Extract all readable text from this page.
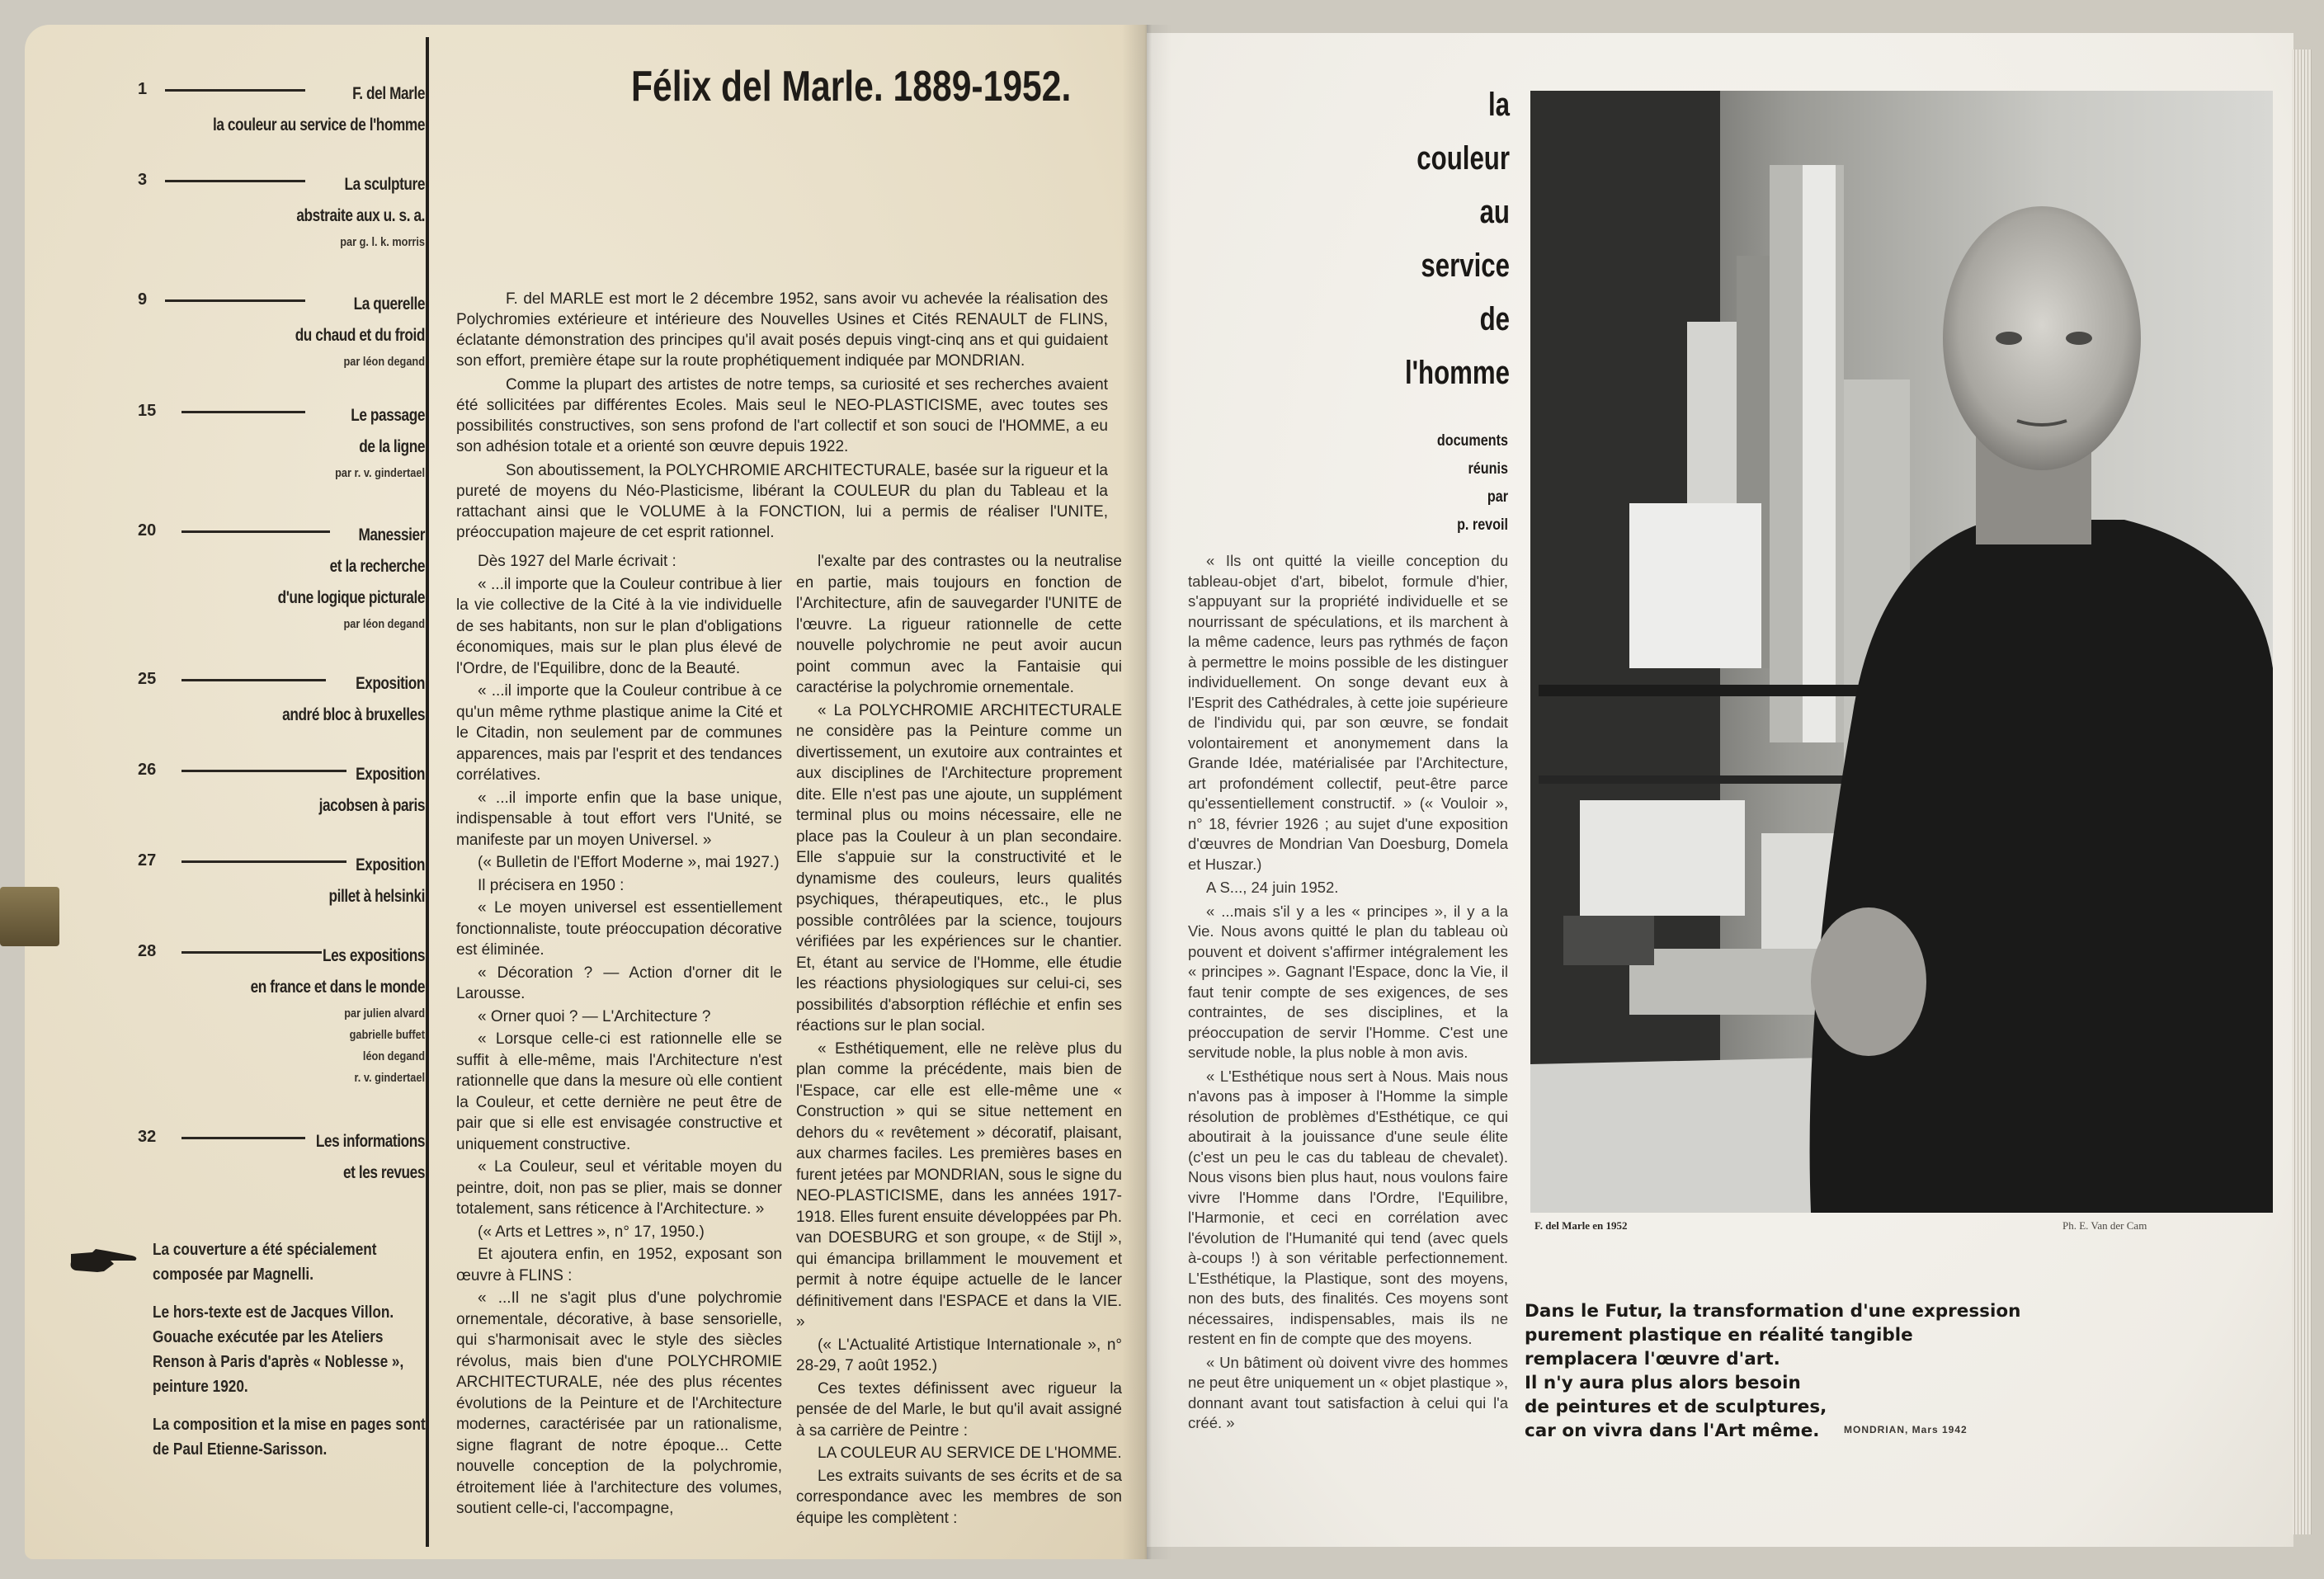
1	F. del Marle
la couleur au service de l'homme
3	La sculpture
abstraite aux u. s. a.
par g. l. k. morris
9	La querelle
du chaud et du froid
par léon degand
15	Le passage
de la ligne
par r. v. gindertael
20	Manessier
et la recherche
d'une logique picturale
par léon degand
25	Exposition
andré bloc à bruxelles
26	Exposition
jacobsen à paris
27	Exposition
pillet à helsinki
28	Les expositions
en france et dans le monde
par julien alvard
gabrielle buffet
léon degand
r. v. gindertael
32	Les informations
et les revues

La couverture a été spécialement composée par Magnelli.

Le hors-texte est de Jacques Villon. Gouache exécutée par les Ateliers Renson à Paris d'après « Noblesse », peinture 1920.

La composition et la mise en pages sont de Paul Etienne-Sarisson.

Félix del Marle. 1889-1952.

F. del MARLE est mort le 2 décembre 1952, sans avoir vu achevée la réalisation des Polychromies extérieure et intérieure des Nouvelles Usines et Cités RENAULT de FLINS, éclatante démonstration des principes qu'il avait posés depuis vingt-cinq ans et qui guidaient son effort, première étape sur la route prophétiquement indiquée par MONDRIAN.

Comme la plupart des artistes de notre temps, sa curiosité et ses recherches avaient été sollicitées par différentes Ecoles. Mais seul le NEO-PLASTICISME, avec toutes ses possibilités constructives, son sens profond de l'art collectif et son souci de l'HOMME, a eu son adhésion totale et a orienté son œuvre depuis 1922.

Son aboutissement, la POLYCHROMIE ARCHITECTURALE, basée sur la rigueur et la pureté de moyens du Néo-Plasticisme, libérant la COULEUR du plan du Tableau et la rattachant ainsi que le VOLUME à la FONCTION, lui a permis de réaliser l'UNITE, préoccupation majeure de cet esprit rationnel.

Dès 1927 del Marle écrivait :

« ...il importe que la Couleur contribue à lier la vie collective de la Cité à la vie individuelle de ses habitants, non sur le plan d'obligations économiques, mais sur le plan plus élevé de l'Ordre, de l'Equilibre, donc de la Beauté.

« ...il importe que la Couleur contribue à ce qu'un même rythme plastique anime la Cité et le Citadin, non seulement par de communes apparences, mais par l'esprit et des tendances corrélatives.

« ...il importe enfin que la base unique, indispensable à tout effort vers l'Unité, se manifeste par un moyen Universel. »

(« Bulletin de l'Effort Moderne », mai 1927.)

Il précisera en 1950 :

« Le moyen universel est essentiellement fonctionnaliste, toute préoccupation décorative est éliminée.

« Décoration ? — Action d'orner dit le Larousse.

« Orner quoi ? — L'Architecture ?

« Lorsque celle-ci est rationnelle elle se suffit à elle-même, mais l'Architecture n'est rationnelle que dans la mesure où elle contient la Couleur, et cette dernière ne peut être de pair que si elle est envisagée constructive et uniquement constructive.

« La Couleur, seul et véritable moyen du peintre, doit, non pas se plier, mais se donner totalement, sans réticence à l'Architecture. »

(« Arts et Lettres », n° 17, 1950.)

Et ajoutera enfin, en 1952, exposant son œuvre à FLINS :

« ...Il ne s'agit plus d'une polychromie ornementale, décorative, à base sensorielle, qui s'harmonisait avec le style des siècles révolus, mais bien d'une POLYCHROMIE ARCHITECTURALE, née des plus récentes évolutions de la Peinture et de l'Architecture modernes, caractérisée par un rationalisme, signe flagrant de notre époque... Cette nouvelle conception de la polychromie, étroitement liée à l'architecture des volumes, soutient celle-ci, l'accompagne,

l'exalte par des contrastes ou la neutralise en partie, mais toujours en fonction de l'Architecture, afin de sauvegarder l'UNITE de l'œuvre. La rigueur rationnelle de cette nouvelle polychromie ne peut avoir aucun point commun avec la Fantaisie qui caractérise la polychromie ornementale.

« La POLYCHROMIE ARCHITECTURALE ne considère pas la Peinture comme un divertissement, un exutoire aux contraintes et aux disciplines de l'Architecture proprement dite. Elle n'est pas une ajoute, un supplément terminal plus ou moins nécessaire, elle ne place pas la Couleur à un plan secondaire. Elle s'appuie sur la constructivité et le dynamisme des couleurs, leurs qualités psychiques, thérapeutiques, etc., le plus possible contrôlées par la science, toujours vérifiées par les expériences sur le chantier. Et, étant au service de l'Homme, elle étudie les réactions physiologiques sur celui-ci, ses possibilités d'absorption réfléchie et enfin ses réactions sur le plan social.

« Esthétiquement, elle ne relève plus du plan comme la précédente, mais bien de l'Espace, car elle est elle-même une « Construction » qui se situe nettement en dehors du « revêtement » décoratif, plaisant, aux charmes faciles. Les premières bases en furent jetées par MONDRIAN, sous le signe du NEO-PLASTICISME, dans les années 1917-1918. Elles furent ensuite développées par Ph. van DOESBURG et son groupe, « de Stijl », qui émancipa brillamment le mouvement et permit à notre équipe actuelle de le lancer définitivement dans l'ESPACE et dans la VIE. »

(« L'Actualité Artistique Internationale », n° 28-29, 7 août 1952.)

Ces textes définissent avec rigueur la pensée de del Marle, le but qu'il avait assigné à sa carrière de Peintre :

LA COULEUR AU SERVICE DE L'HOMME.

Les extraits suivants de ses écrits et de sa correspondance avec les membres de son équipe les complètent :

la
couleur
au
service
de
l'homme
documents
réunis
par
p. revoil

« Ils ont quitté la vieille conception du tableau-objet d'art, bibelot, formule d'hier, s'appuyant sur la propriété individuelle et se nourrissant de spéculations, et ils marchent à la même cadence, leurs pas rythmés de façon à permettre le moins possible de les distinguer individuellement. On songe devant eux à l'Esprit des Cathédrales, à cette joie supérieure de l'individu qui, par son œuvre, se fondait volontairement et anonymement dans la Grande Idée, matérialisée par l'Architecture, art profondément collectif, peut-être parce qu'essentiellement constructif. » (« Vouloir », n° 18, février 1926 ; au sujet d'une exposition d'œuvres de Mondrian Van Doesburg, Domela et Huszar.)

A S..., 24 juin 1952.

« ...mais s'il y a les « principes », il y a la Vie. Nous avons quitté le plan du tableau où pouvent et doivent s'affirmer intégralement les « principes ». Gagnant l'Espace, donc la Vie, il faut tenir compte de ses exigences, de ses contraintes, de ses disciplines, et la préoccupation de servir l'Homme. C'est une servitude noble, la plus noble à mon avis.

« L'Esthétique nous sert à Nous. Mais nous n'avons pas à imposer à l'Homme la simple résolution de problèmes d'Esthétique, ce qui aboutirait à la jouissance d'une seule élite (c'est un peu le cas du tableau de chevalet). Nous visons bien plus haut, nous voulons faire vivre l'Homme dans l'Ordre, l'Equilibre, l'Harmonie, et ceci en corrélation avec l'évolution de l'Humanité qui tend (avec quels à-coups !) à son véritable perfectionnement. L'Esthétique, la Plastique, sont des moyens, non des buts, des finalités. Ces moyens sont nécessaires, indispensables, mais ils ne restent en fin de compte que des moyens.

« Un bâtiment où doivent vivre des hommes ne peut être uniquement un « objet plastique », donnant avant tout satisfaction à celui qui l'a créé. »

F. del Marle en 1952	Ph. E. Van der Cam
Dans le Futur, la transformation d'une expression
purement plastique en réalité tangible
remplacera l'œuvre d'art.
Il n'y aura plus alors besoin
de peintures et de sculptures,
car on vivra dans l'Art même.	MONDRIAN, Mars 1942
